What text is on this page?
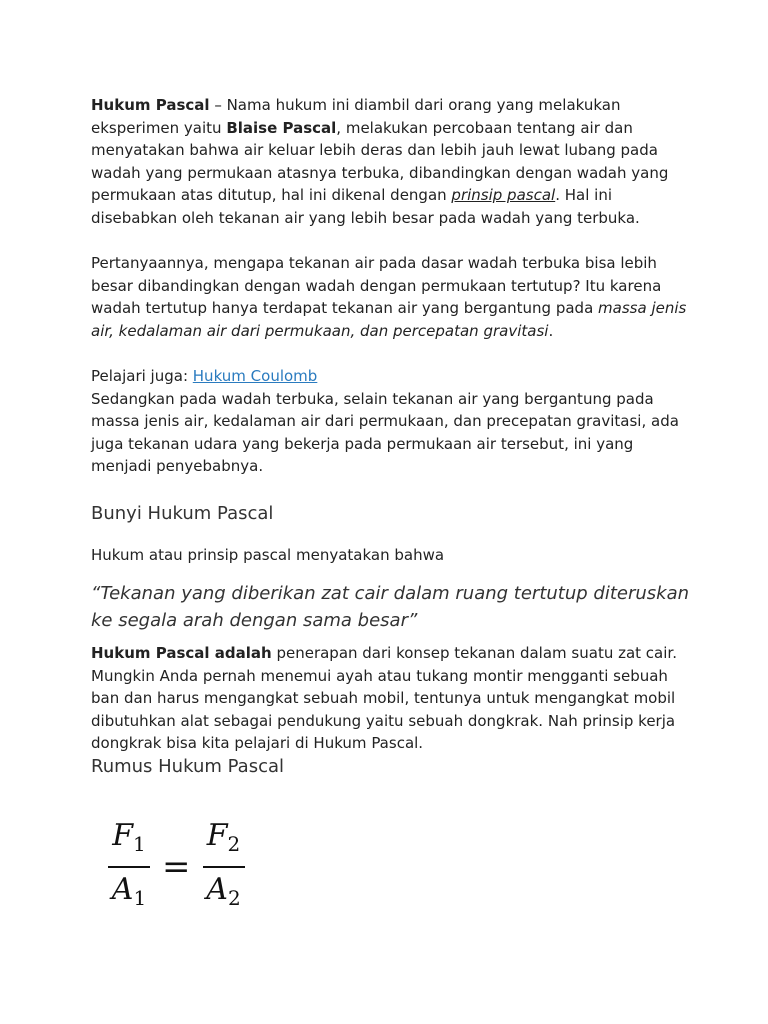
Hukum Pascal – Nama hukum ini diambil dari orang yang melakukan eksperimen yaitu Blaise Pascal, melakukan percobaan tentang air dan menyatakan bahwa air keluar lebih deras dan lebih jauh lewat lubang pada wadah yang permukaan atasnya terbuka, dibandingkan dengan wadah yang permukaan atas ditutup, hal ini dikenal dengan prinsip pascal. Hal ini disebabkan oleh tekanan air yang lebih besar pada wadah yang terbuka.

Pertanyaannya, mengapa tekanan air pada dasar wadah terbuka bisa lebih besar dibandingkan dengan wadah dengan permukaan tertutup? Itu karena wadah tertutup hanya terdapat tekanan air yang bergantung pada massa jenis air, kedalaman air dari permukaan, dan percepatan gravitasi.

Pelajari juga: Hukum Coulomb
Sedangkan pada wadah terbuka, selain tekanan air yang bergantung pada massa jenis air, kedalaman air dari permukaan, dan precepatan gravitasi, ada juga tekanan udara yang bekerja pada permukaan air tersebut, ini yang menjadi penyebabnya.

Bunyi Hukum Pascal

Hukum atau prinsip pascal menyatakan bahwa

“Tekanan yang diberikan zat cair dalam ruang tertutup diteruskan ke segala arah dengan sama besar”

Hukum Pascal adalah penerapan dari konsep tekanan dalam suatu zat cair. Mungkin Anda pernah menemui ayah atau tukang montir mengganti sebuah ban dan harus mengangkat sebuah mobil, tentunya untuk mengangkat mobil dibutuhkan alat sebagai pendukung yaitu sebuah dongkrak. Nah prinsip kerja dongkrak bisa kita pelajari di Hukum Pascal.

Rumus Hukum Pascal
$\frac{F_1}{A_1} = \frac{F_2}{A_2}$
